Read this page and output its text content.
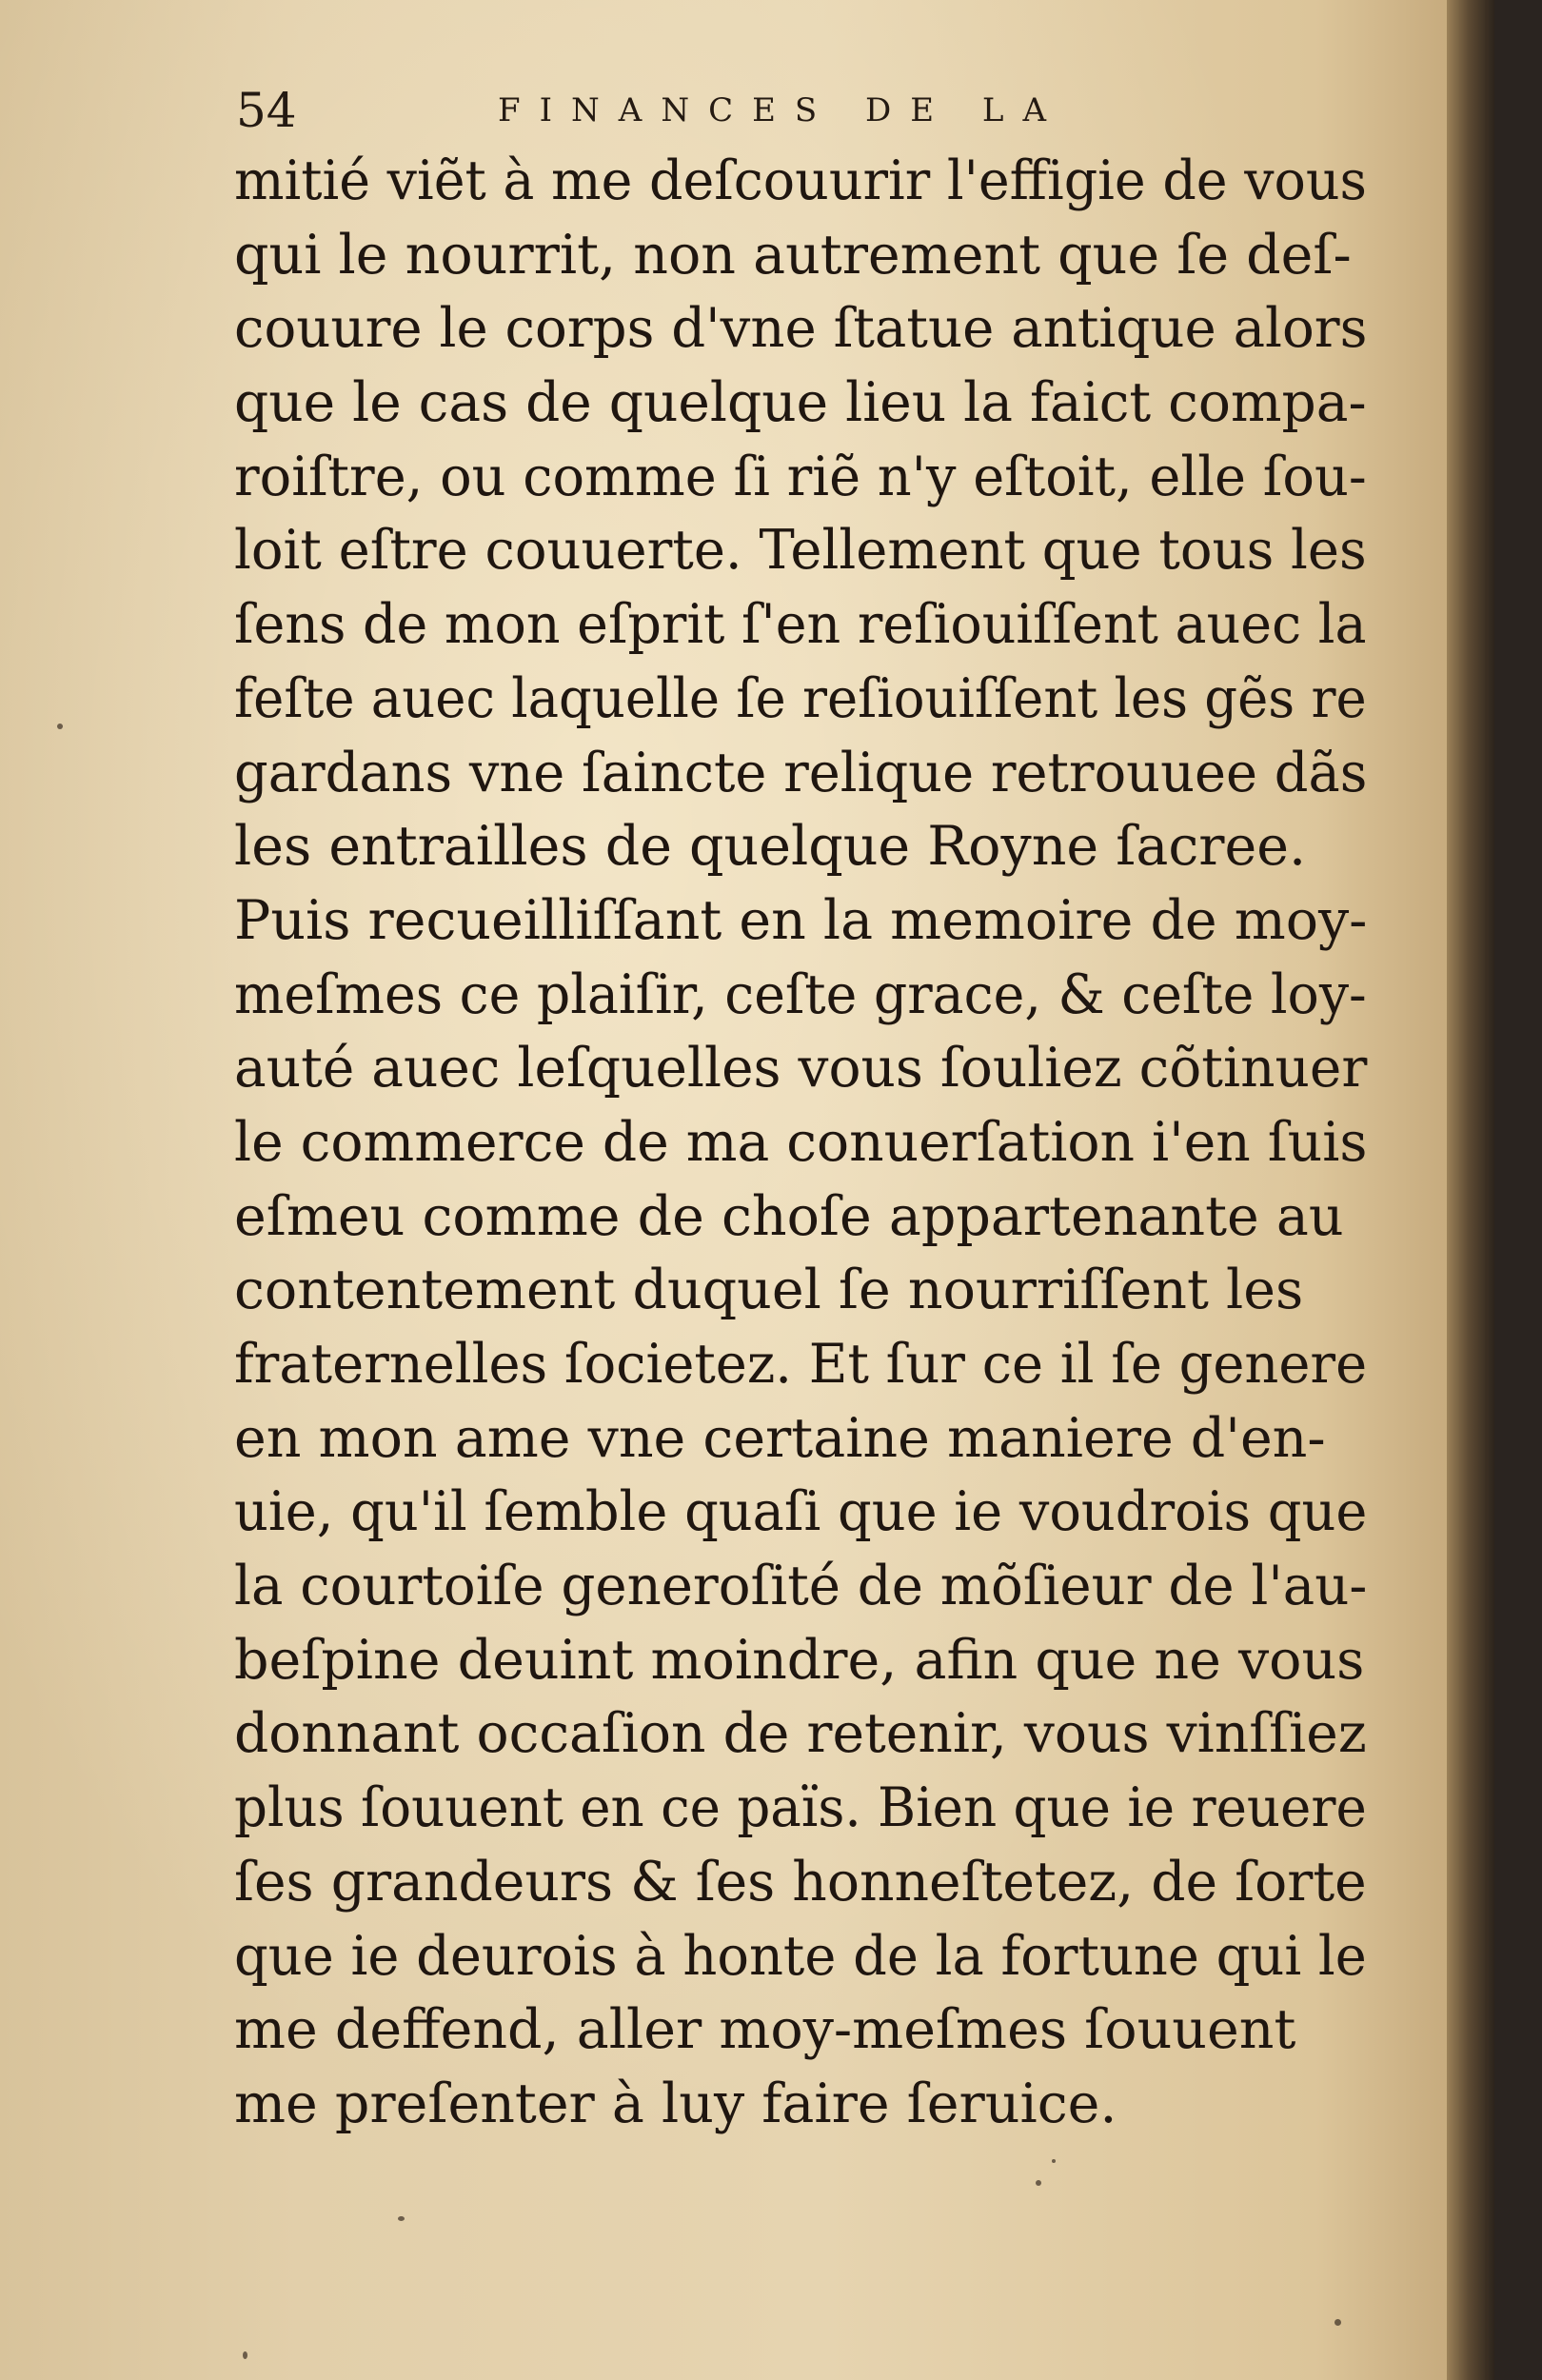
54	FINANCES DE LA
mitié viẽt à me deſcouurir l'effigie de vous
qui le nourrit, non autrement que ſe deſ-
couure le corps d'vne ſtatue antique alors
que le cas de quelque lieu la faict compa-
roiſtre, ou comme ſi riẽ n'y eſtoit, elle ſou-
loit eſtre couuerte. Tellement que tous les
ſens de mon eſprit ſ'en reſiouiſſent auec la
feſte auec laquelle ſe reſiouiſſent les gẽs re
gardans vne ſaincte relique retrouuee dãs
les entrailles de quelque Royne ſacree.
Puis recueilliſſant en la memoire de moy-
meſmes ce plaiſir, ceſte grace, & ceſte loy-
auté auec leſquelles vous ſouliez cõtinuer
le commerce de ma conuerſation i'en ſuis
eſmeu comme de choſe appartenante au
contentement duquel ſe nourriſſent les
fraternelles ſocietez. Et ſur ce il ſe genere
en mon ame vne certaine maniere d'en-
uie, qu'il ſemble quaſi que ie voudrois que
la courtoiſe generoſité de mõſieur de l'au-
beſpine deuint moindre, afin que ne vous
donnant occaſion de retenir, vous vinſſiez
plus ſouuent en ce païs. Bien que ie reuere
ſes grandeurs & ſes honneſtetez, de ſorte
que ie deurois à honte de la fortune qui le
me deffend, aller moy-meſmes ſouuent
me preſenter à luy faire ſeruice.
